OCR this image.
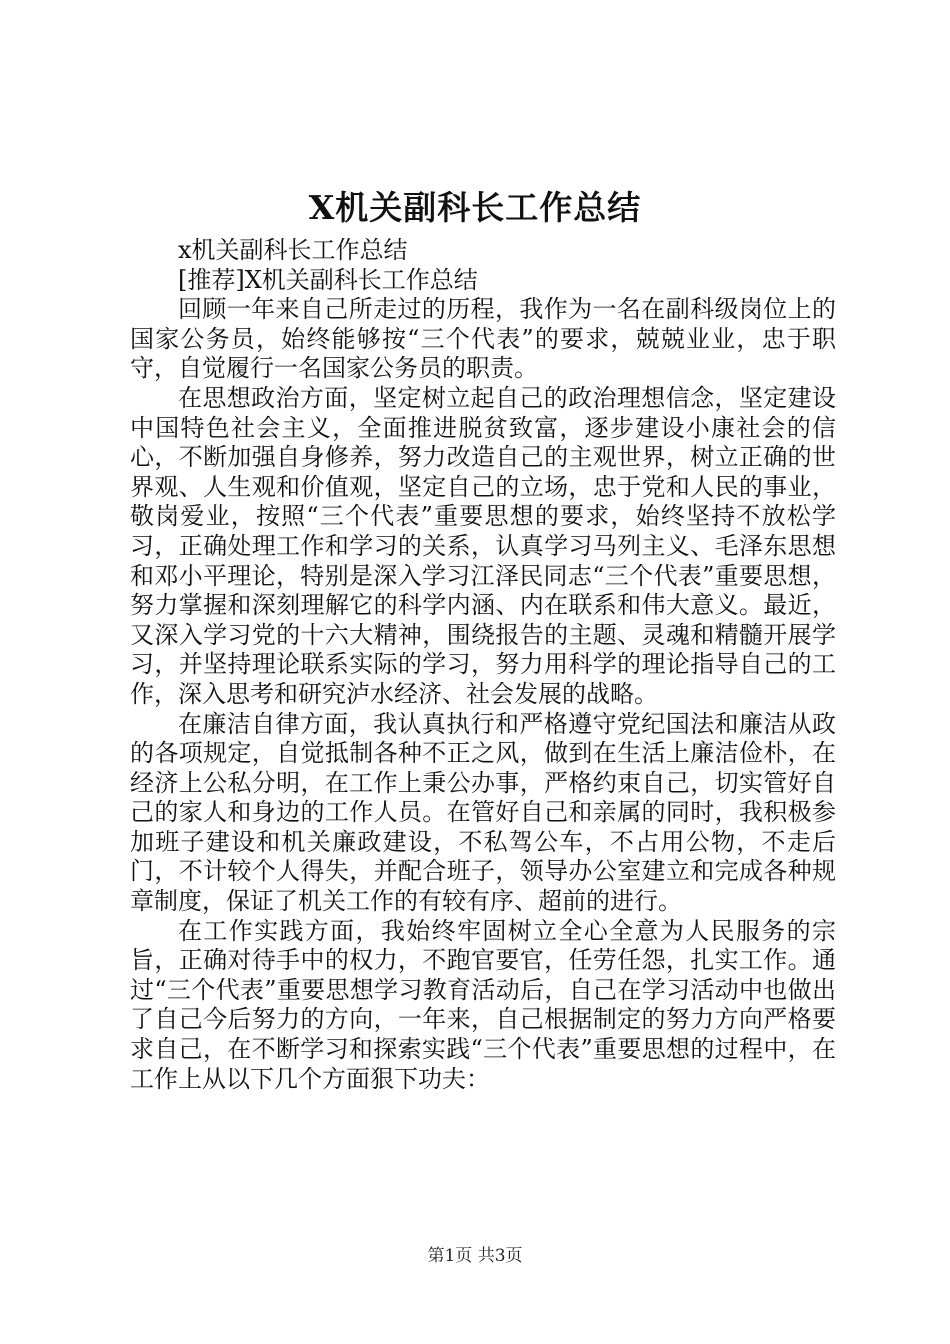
X机关副科长工作总结

x机关副科长工作总结

[推荐]X机关副科长工作总结

回顾一年来自己所走过的历程，我作为一名在副科级岗位上的国家公务员，始终能够按“三个代表”的要求，兢兢业业，忠于职守，自觉履行一名国家公务员的职责。

在思想政治方面，坚定树立起自己的政治理想信念，坚定建设中国特色社会主义，全面推进脱贫致富，逐步建设小康社会的信心，不断加强自身修养，努力改造自己的主观世界，树立正确的世界观、人生观和价值观，坚定自己的立场，忠于党和人民的事业，敬岗爱业，按照“三个代表”重要思想的要求，始终坚持不放松学习，正确处理工作和学习的关系，认真学习马列主义、毛泽东思想和邓小平理论，特别是深入学习江泽民同志“三个代表”重要思想，努力掌握和深刻理解它的科学内涵、内在联系和伟大意义。最近，又深入学习党的十六大精神，围绕报告的主题、灵魂和精髓开展学习，并坚持理论联系实际的学习，努力用科学的理论指导自己的工作，深入思考和研究泸水经济、社会发展的战略。

在廉洁自律方面，我认真执行和严格遵守党纪国法和廉洁从政的各项规定，自觉抵制各种不正之风，做到在生活上廉洁俭朴，在经济上公私分明，在工作上秉公办事，严格约束自己，切实管好自己的家人和身边的工作人员。在管好自己和亲属的同时，我积极参加班子建设和机关廉政建设，不私驾公车，不占用公物，不走后门，不计较个人得失，并配合班子，领导办公室建立和完成各种规章制度，保证了机关工作的有较有序、超前的进行。

在工作实践方面，我始终牢固树立全心全意为人民服务的宗旨，正确对待手中的权力，不跑官要官，任劳任怨，扎实工作。通过“三个代表”重要思想学习教育活动后，自己在学习活动中也做出了自己今后努力的方向，一年来，自己根据制定的努力方向严格要求自己，在不断学习和探索实践“三个代表”重要思想的过程中，在工作上从以下几个方面狠下功夫：

第1页 共3页
